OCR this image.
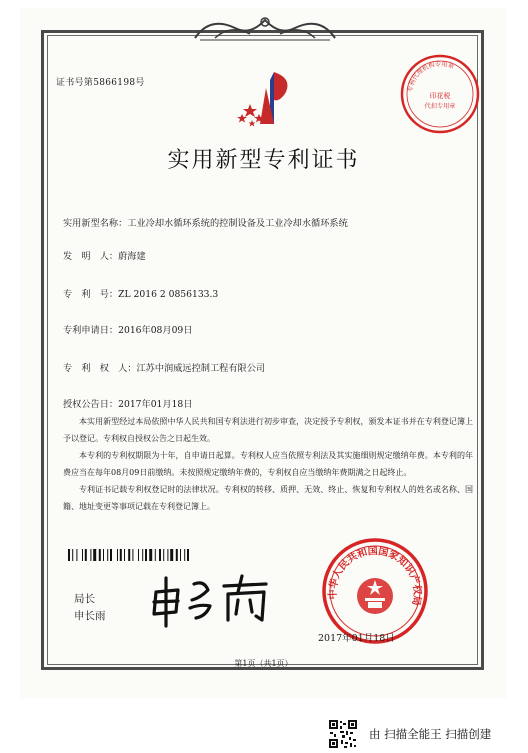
证书号第5866198号
专利代理机构专用章
印花税
代扣专用章
实用新型专利证书
实用新型名称：工业冷却水循环系统的控制设备及工业冷却水循环系统
发　明　人：蔚海建
专　利　号：ZL 2016 2 0856133.3
专利申请日：2016年08月09日
专　利　权　人：江苏中润威远控制工程有限公司
授权公告日：2017年01月18日

本实用新型经过本局依照中华人民共和国专利法进行初步审查，决定授予专利权，颁发本证书并在专利登记簿上予以登记。专利权自授权公告之日起生效。

本专利的专利权期限为十年，自申请日起算。专利权人应当依照专利法及其实施细则规定缴纳年费。本专利的年费应当在每年08月09日前缴纳。未按照规定缴纳年费的，专利权自应当缴纳年费期满之日起终止。

专利证书记载专利权登记时的法律状况。专利权的转移、质押、无效、终止、恢复和专利权人的姓名或名称、国籍、地址变更等事项记载在专利登记簿上。

局长
申长雨
中华人民共和国国家知识产权局
2017年01月18日
第1页（共1页）
由 扫描全能王 扫描创建
